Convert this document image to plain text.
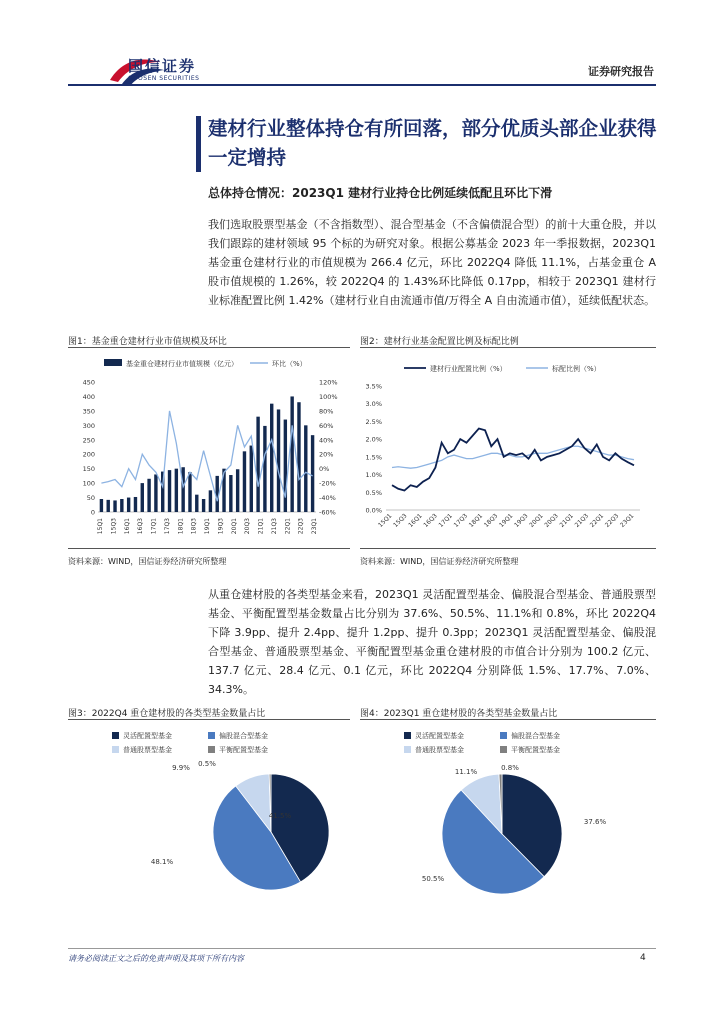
国信证券
GUOSEN SECURITIES
证券研究报告
建材行业整体持仓有所回落，部分优质头部企业获得一定增持
总体持仓情况：2023Q1 建材行业持仓比例延续低配且环比下滑
我们选取股票型基金（不含指数型）、混合型基金（不含偏债混合型）的前十大重仓股，并以我们跟踪的建材领域 95 个标的为研究对象。根据公募基金 2023 年一季报数据，2023Q1 基金重仓建材行业的市值规模为 266.4 亿元，环比 2022Q4 降低 11.1%，占基金重仓 A 股市值规模的 1.26%，较 2022Q4 的 1.43%环比降低 0.17pp，相较于 2023Q1 建材行业标准配置比例 1.42%（建材行业自由流通市值/万得全 A 自由流通市值），延续低配状态。
图1：基金重仓建材行业市值规模及环比
基金重仓建材行业市值规模（亿元）	环比（%）
0
50
100
150
200
250
300
350
400
450
-60%
-40%
-20%
0%
20%
40%
60%
80%
100%
120%
15Q1 15Q3 16Q1 16Q3 17Q1 17Q3 18Q1 18Q3 19Q1 19Q3 20Q1 20Q3 21Q1 21Q3 22Q1 22Q3 23Q1
资料来源：WIND，国信证券经济研究所整理
图2：建材行业基金配置比例及标配比例
建材行业配置比例（%）	标配比例（%）
0.0%
0.5%
1.0%
1.5%
2.0%
2.5%
3.0%
3.5%
15Q1
15Q3
16Q1
16Q3
17Q1
17Q3
18Q1
18Q3
19Q1
19Q3
20Q1
20Q3
21Q1
21Q3
22Q1
22Q3
23Q1
资料来源：WIND，国信证券经济研究所整理
从重仓建材股的各类型基金来看，2023Q1 灵活配置型基金、偏股混合型基金、普通股票型基金、平衡配置型基金数量占比分别为 37.6%、50.5%、11.1%和 0.8%，环比 2022Q4 下降 3.9pp、提升 2.4pp、提升 1.2pp、提升 0.3pp；2023Q1 灵活配置型基金、偏股混合型基金、普通股票型基金、平衡配置型基金重仓建材股的市值合计分别为 100.2 亿元、137.7 亿元、28.4 亿元、0.1 亿元，环比 2022Q4 分别降低 1.5%、17.7%、7.0%、34.3%。
图3：2022Q4 重仓建材股的各类型基金数量占比
灵活配置型基金	偏股混合型基金
普通股票型基金	平衡配置型基金
41.5%
48.1%
9.9% 0.5%
图4：2023Q1 重仓建材股的各类型基金数量占比
灵活配置型基金	偏股混合型基金
普通股票型基金	平衡配置型基金
37.6%
50.5%
11.1%	0.8%
请务必阅读正文之后的免责声明及其项下所有内容	4
